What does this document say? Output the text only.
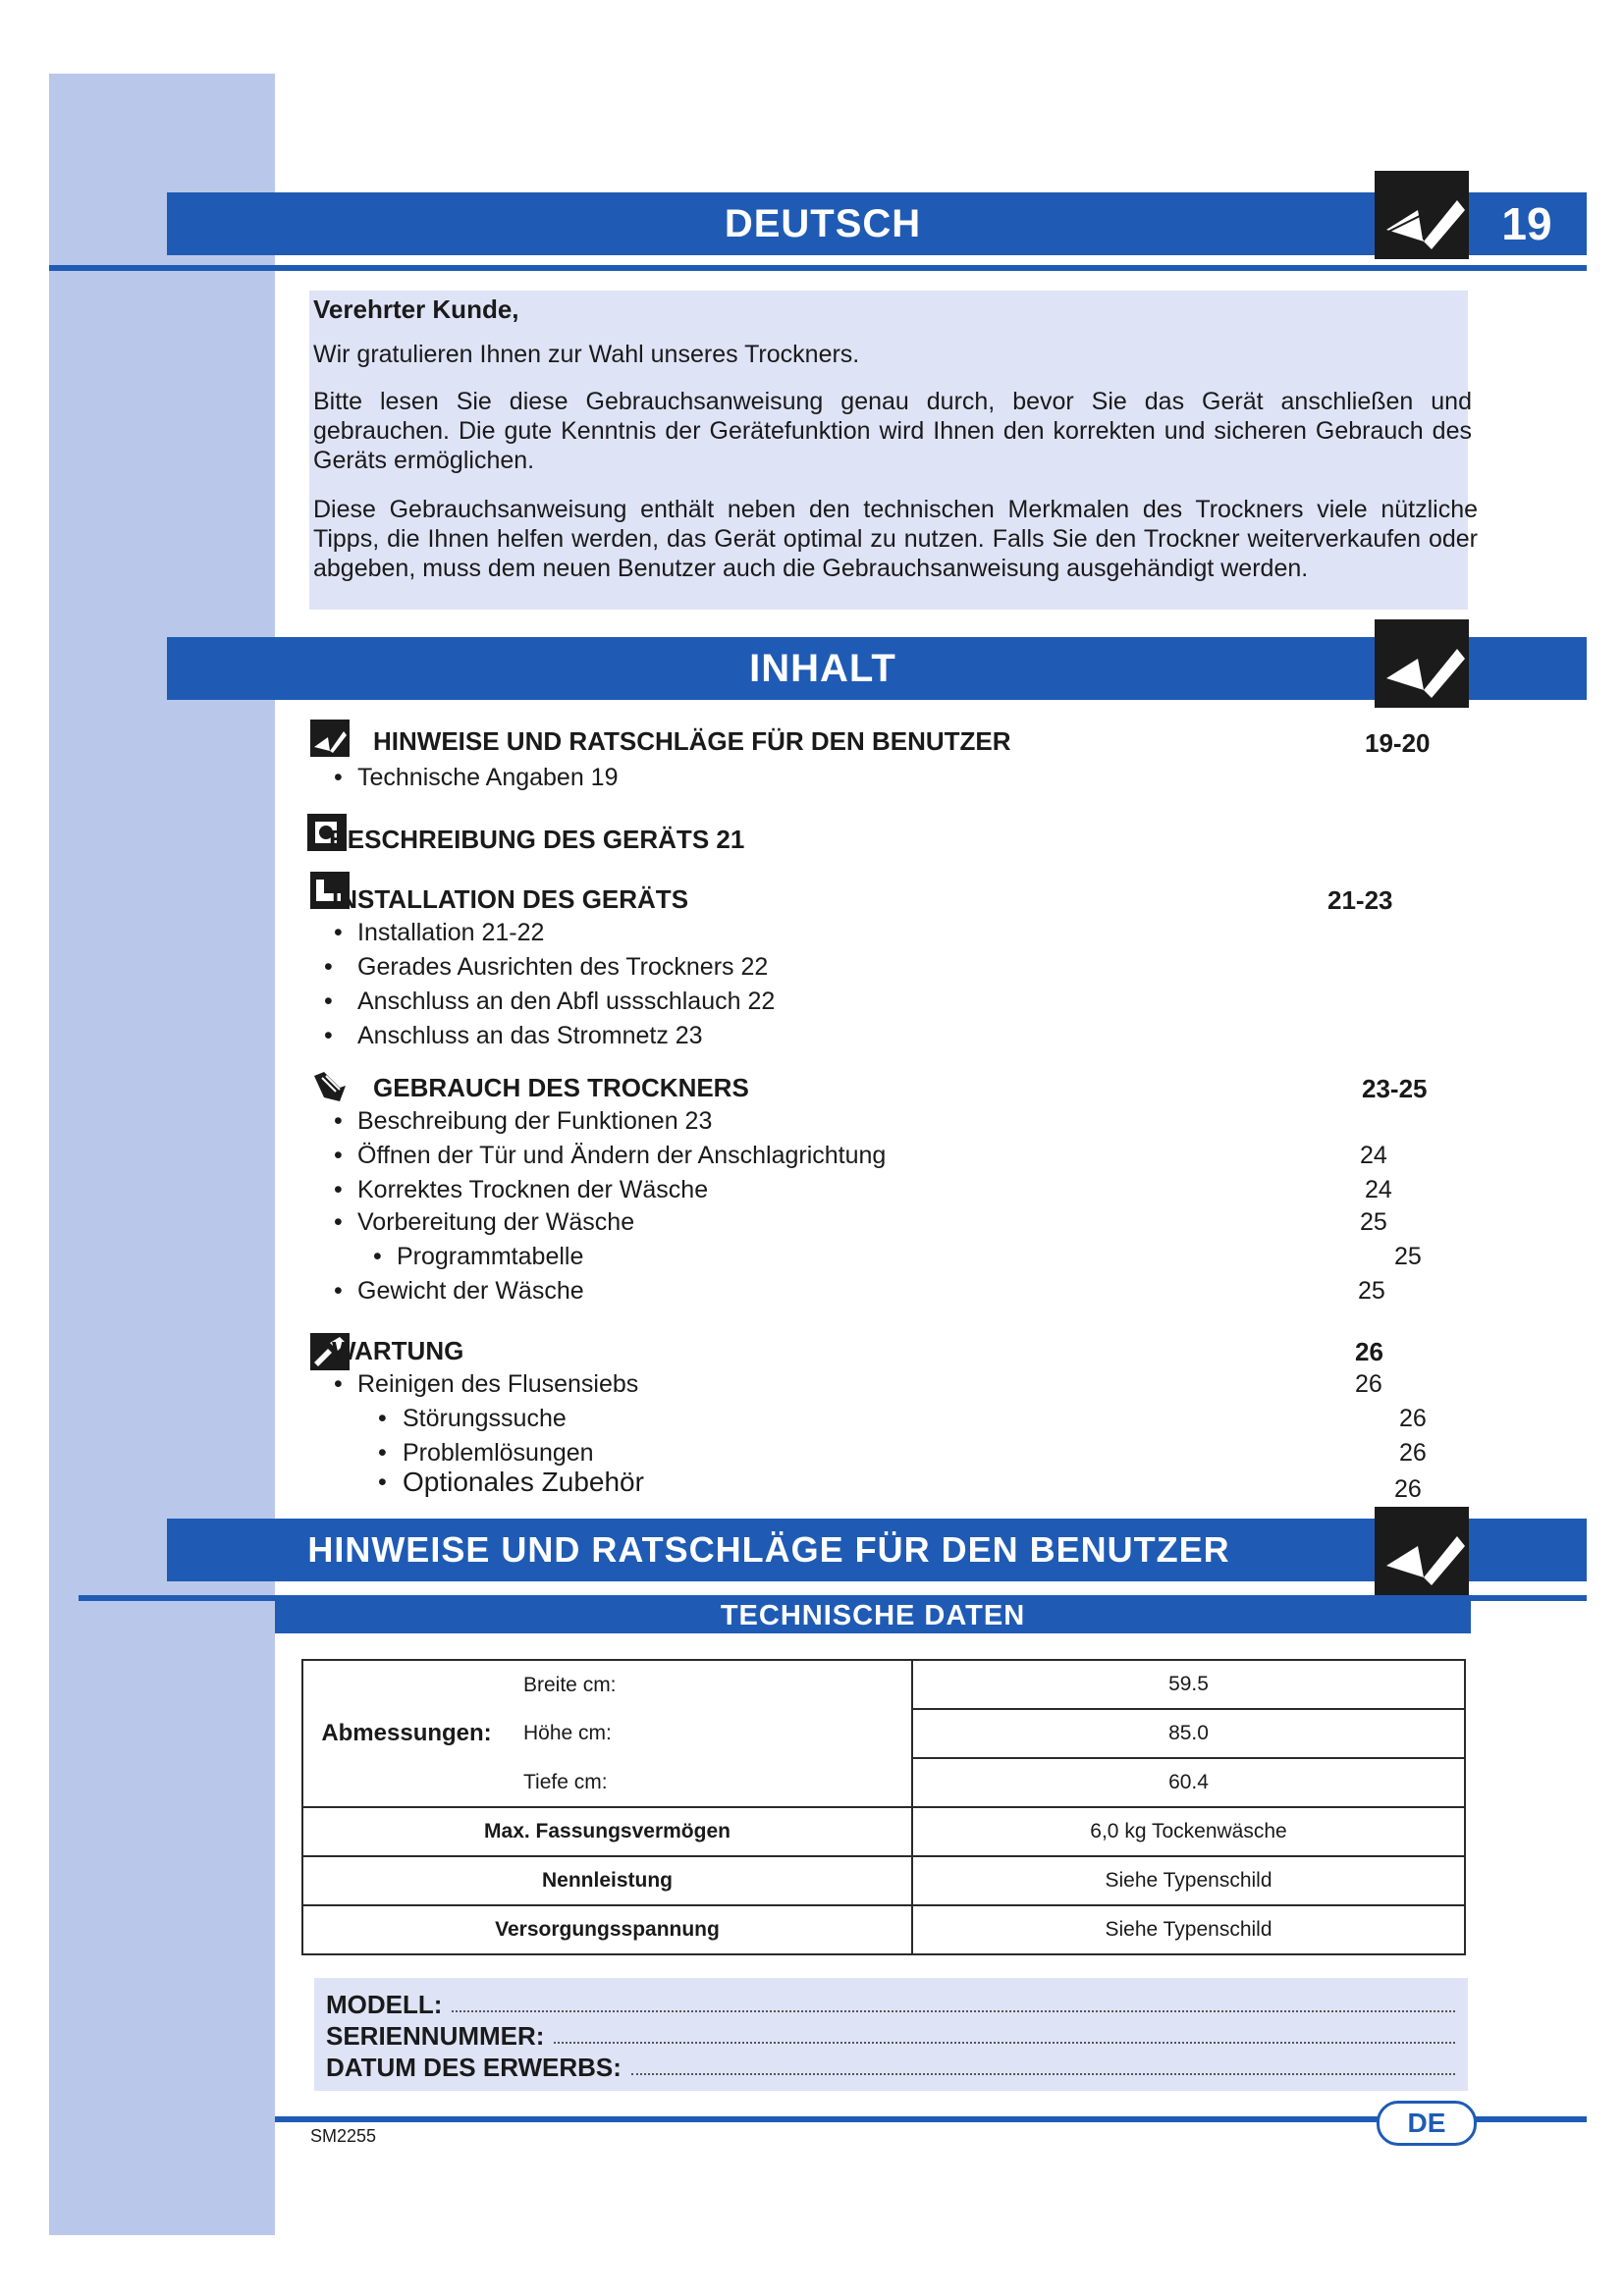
DEUTSCH	19
Verehrter Kunde,

Wir gratulieren Ihnen zur Wahl unseres Trockners.

Bitte lesen Sie diese Gebrauchsanweisung genau durch, bevor Sie das Gerät anschließen und gebrauchen. Die gute Kenntnis der Gerätefunktion wird Ihnen den korrekten und sicheren Gebrauch des Geräts ermöglichen.

Diese Gebrauchsanweisung enthält neben den technischen Merkmalen des Trockners viele nützliche Tipps, die Ihnen helfen werden, das Gerät optimal zu nutzen. Falls Sie den Trockner weiterverkaufen oder abgeben, muss dem neuen Benutzer auch die Gebrauchsanweisung ausgehändigt werden.

INHALT
HINWEISE UND RATSCHLÄGE FÜR DEN BENUTZER	19-20
• Technische Angaben 19
BESCHREIBUNG DES GERÄTS 21
INSTALLATION DES GERÄTS	21-23
• Installation 21-22
• Gerades Ausrichten des Trockners 22
• Anschluss an den Abfl ussschlauch 22
• Anschluss an das Stromnetz 23
GEBRAUCH DES TROCKNERS	23-25
• Beschreibung der Funktionen 23
• Öffnen der Tür und Ändern der Anschlagrichtung	24
• Korrektes Trocknen der Wäsche	24
• Vorbereitung der Wäsche	25
• Programmtabelle	25
• Gewicht der Wäsche	25
WARTUNG	26
• Reinigen des Flusensiebs	26
• Störungssuche	26
• Problemlösungen	26
• Optionales Zubehör	26
HINWEISE UND RATSCHLÄGE FÜR DEN BENUTZER
TECHNISCHE DATEN
Abmessungen:	Breite cm:	59.5
	Höhe cm:	85.0
	Tiefe cm:	60.4
Max. Fassungsvermögen		6,0 kg Tockenwäsche
Nennleistung		Siehe Typenschild
Versorgungsspannung		Siehe Typenschild
MODELL:
SERIENNUMMER:
DATUM DES ERWERBS:
DE
SM2255
